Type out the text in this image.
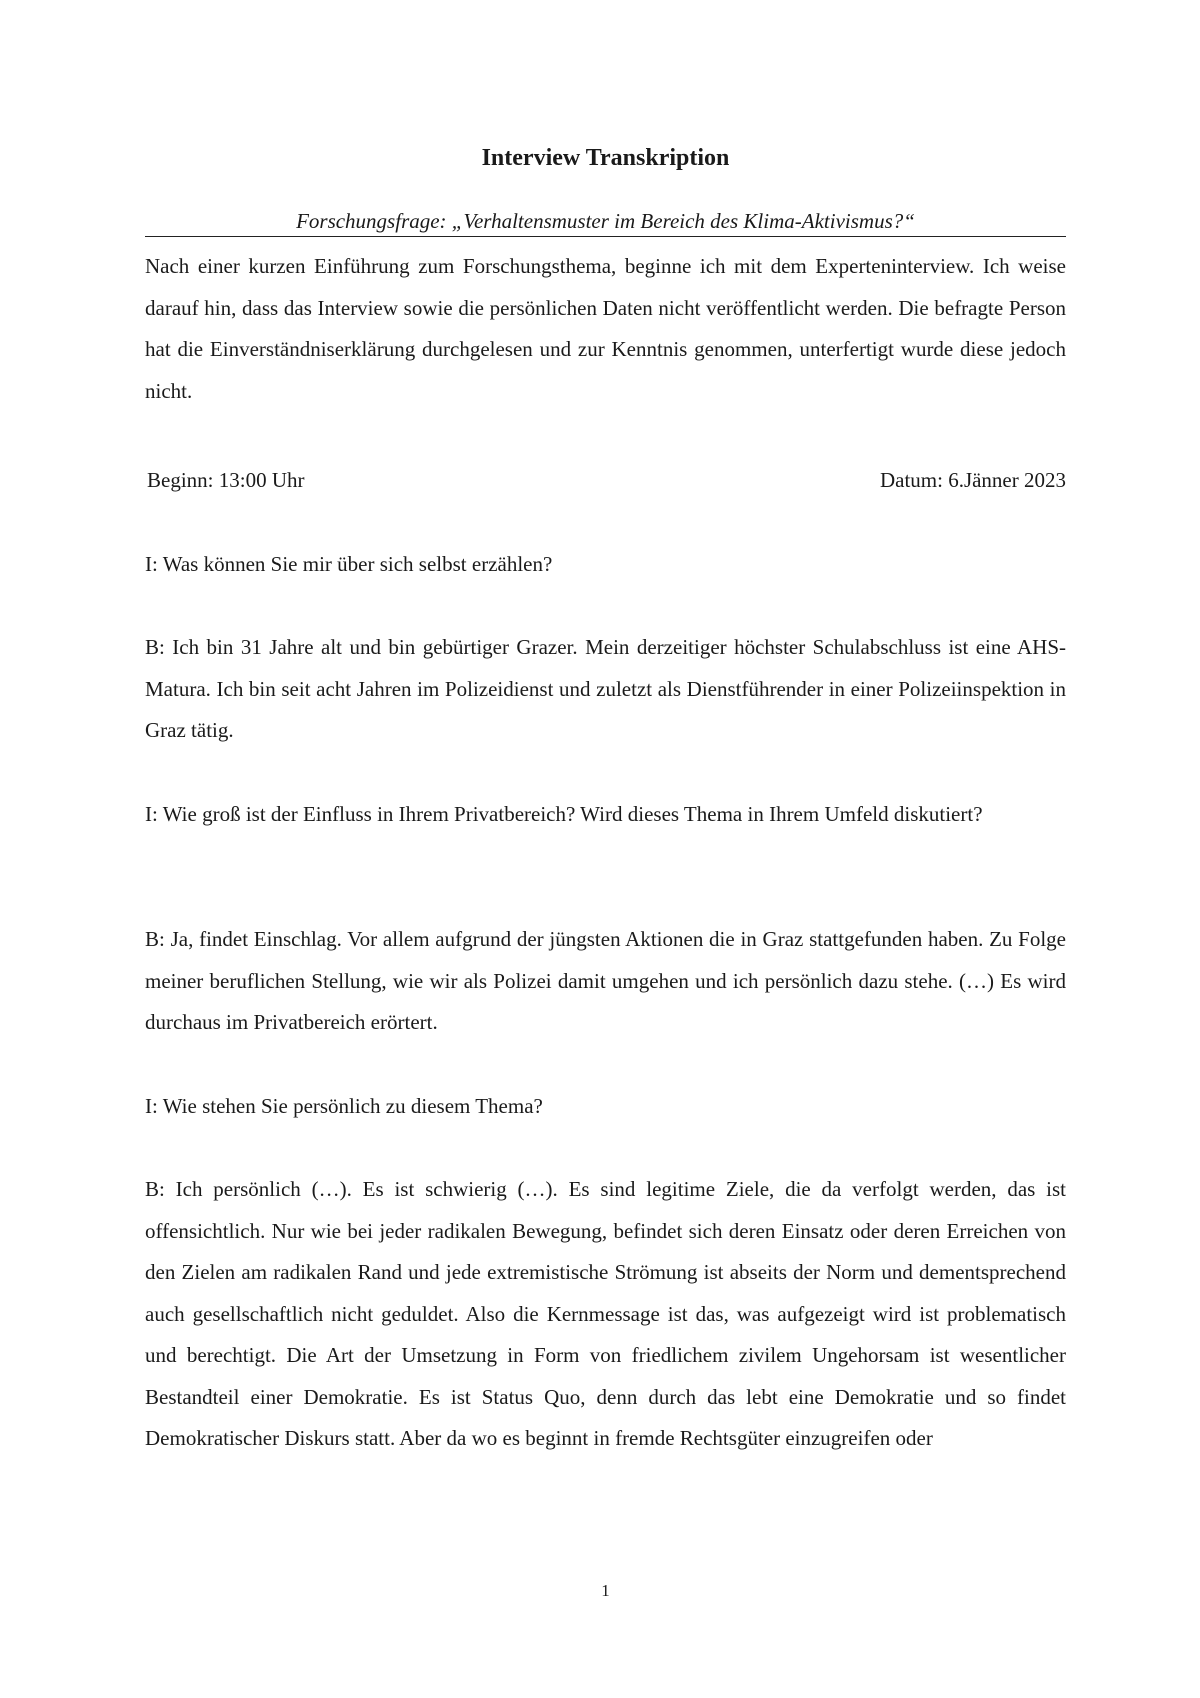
Interview Transkription
Forschungsfrage: „Verhaltensmuster im Bereich des Klima-Aktivismus?“
Nach einer kurzen Einführung zum Forschungsthema, beginne ich mit dem Experteninterview. Ich weise darauf hin, dass das Interview sowie die persönlichen Daten nicht veröffentlicht werden. Die befragte Person hat die Einverständniserklärung durchgelesen und zur Kenntnis genommen, unterfertigt wurde diese jedoch nicht.
Beginn: 13:00 Uhr	Datum: 6.Jänner 2023
I: Was können Sie mir über sich selbst erzählen?
B: Ich bin 31 Jahre alt und bin gebürtiger Grazer. Mein derzeitiger höchster Schulabschluss ist eine AHS-Matura. Ich bin seit acht Jahren im Polizeidienst und zuletzt als Dienstführender in einer Polizeiinspektion in Graz tätig.
I: Wie groß ist der Einfluss in Ihrem Privatbereich? Wird dieses Thema in Ihrem Umfeld diskutiert?
B: Ja, findet Einschlag. Vor allem aufgrund der jüngsten Aktionen die in Graz stattgefunden haben. Zu Folge meiner beruflichen Stellung, wie wir als Polizei damit umgehen und ich persönlich dazu stehe. (…) Es wird durchaus im Privatbereich erörtert.
I: Wie stehen Sie persönlich zu diesem Thema?
B: Ich persönlich (…). Es ist schwierig (…). Es sind legitime Ziele, die da verfolgt werden, das ist offensichtlich. Nur wie bei jeder radikalen Bewegung, befindet sich deren Einsatz oder deren Erreichen von den Zielen am radikalen Rand und jede extremistische Strömung ist abseits der Norm und dementsprechend auch gesellschaftlich nicht geduldet. Also die Kernmessage ist das, was aufgezeigt wird ist problematisch und berechtigt. Die Art der Umsetzung in Form von friedlichem zivilem Ungehorsam ist wesentlicher Bestandteil einer Demokratie. Es ist Status Quo, denn durch das lebt eine Demokratie und so findet Demokratischer Diskurs statt. Aber da wo es beginnt in fremde Rechtsgüter einzugreifen oder
1
